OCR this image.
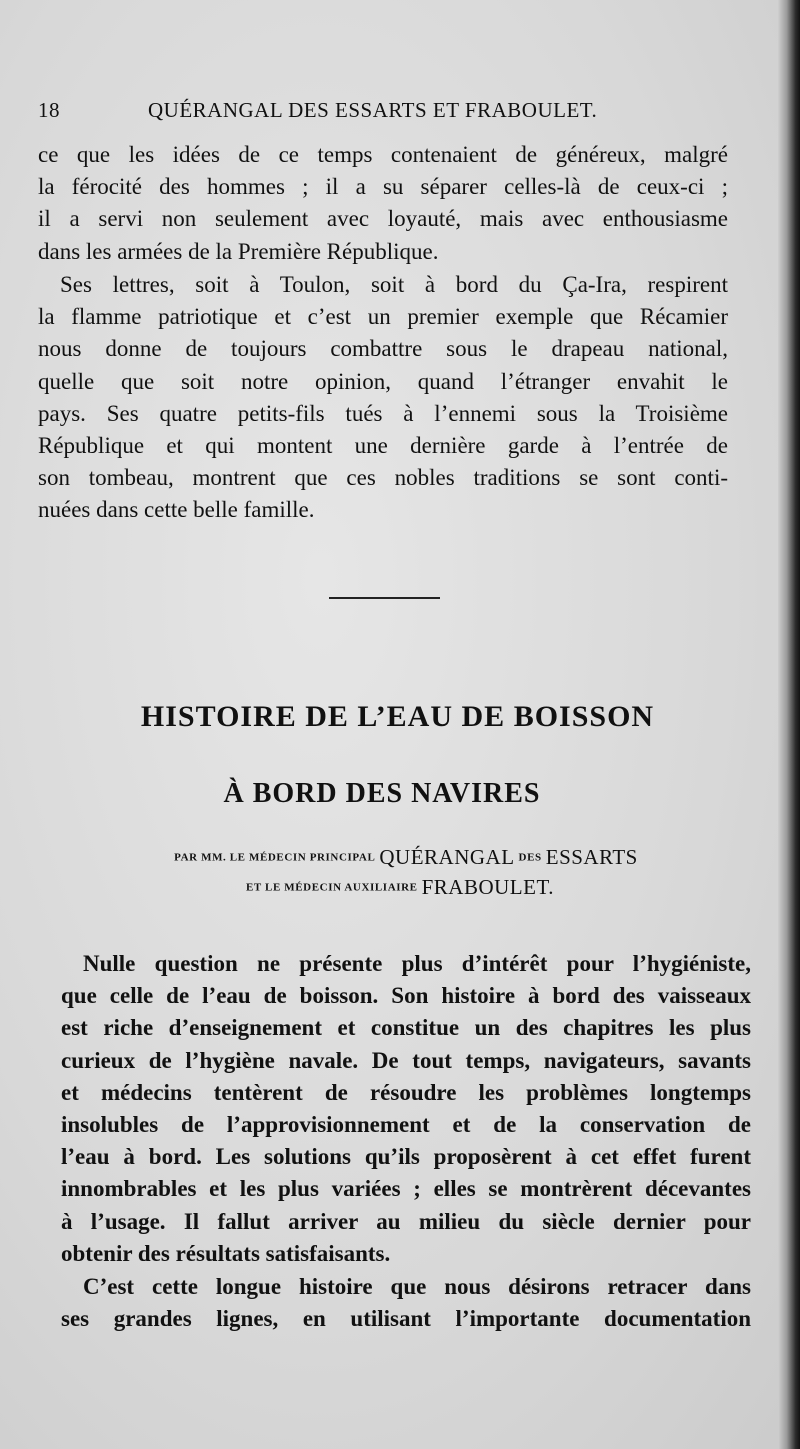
18	QUÉRANGAL DES ESSARTS ET FRABOULET.
ce que les idées de ce temps contenaient de généreux, malgré
la férocité des hommes ; il a su séparer celles-là de ceux-ci ;
il a servi non seulement avec loyauté, mais avec enthousiasme
dans les armées de la Première République.
Ses lettres, soit à Toulon, soit à bord du Ça-Ira, respirent
la flamme patriotique et c’est un premier exemple que Récamier
nous donne de toujours combattre sous le drapeau national,
quelle que soit notre opinion, quand l’étranger envahit le
pays. Ses quatre petits-fils tués à l’ennemi sous la Troisième
République et qui montent une dernière garde à l’entrée de
son tombeau, montrent que ces nobles traditions se sont conti-
nuées dans cette belle famille.
HISTOIRE DE L’EAU DE BOISSON
À BORD DES NAVIRES
PAR MM. LE MÉDECIN PRINCIPAL QUÉRANGAL DES ESSARTS
ET LE MÉDECIN AUXILIAIRE FRABOULET.
Nulle question ne présente plus d’intérêt pour l’hygiéniste,
que celle de l’eau de boisson. Son histoire à bord des vaisseaux
est riche d’enseignement et constitue un des chapitres les plus
curieux de l’hygiène navale. De tout temps, navigateurs, savants
et médecins tentèrent de résoudre les problèmes longtemps
insolubles de l’approvisionnement et de la conservation de
l’eau à bord. Les solutions qu’ils proposèrent à cet effet furent
innombrables et les plus variées ; elles se montrèrent décevantes
à l’usage. Il fallut arriver au milieu du siècle dernier pour
obtenir des résultats satisfaisants.
C’est cette longue histoire que nous désirons retracer dans
ses grandes lignes, en utilisant l’importante documentation
